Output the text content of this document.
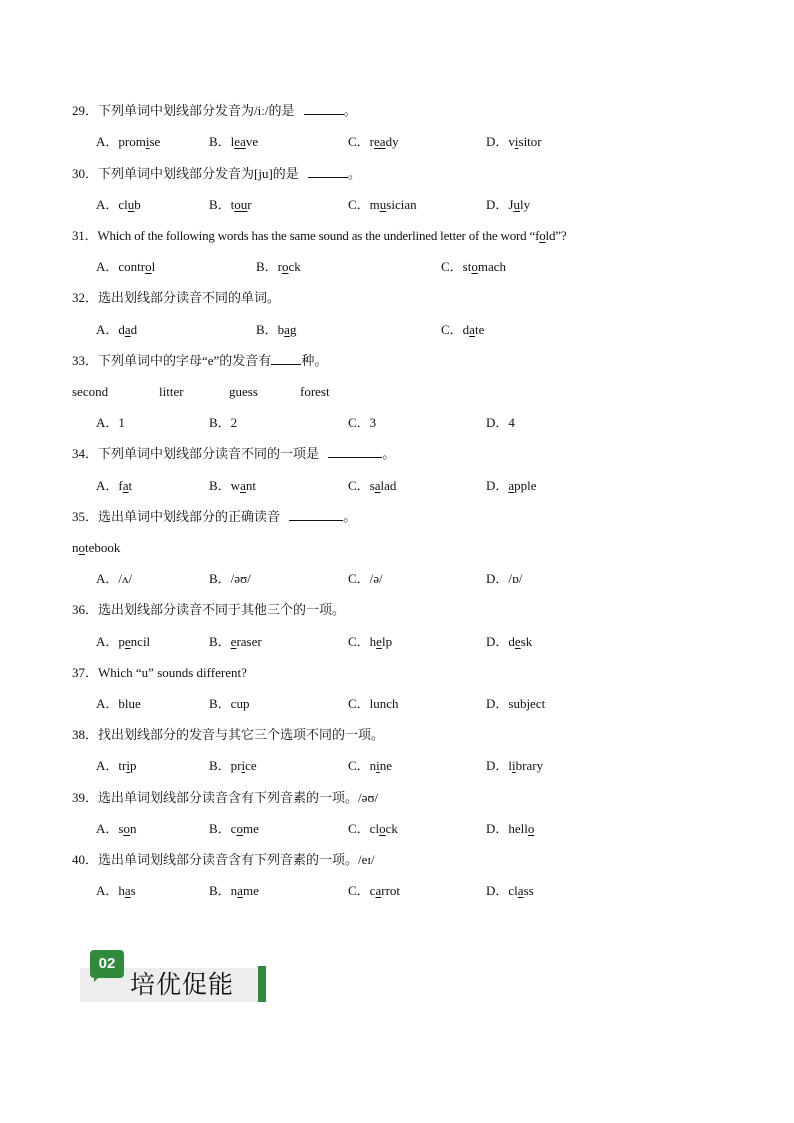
29．下列单词中划线部分发音为/iː/的是	。
A．promise	B．leave	C．ready	D．visitor
30．下列单词中划线部分发音为[ju]的是	。
A．club	B．tour	C．musician	D．July
31．Which of the following words has the same sound as the underlined letter of the word “fold”?
A．control	B．rock	C．stomach
32．选出划线部分读音不同的单词。
A．dad	B．bag	C．date
33．下列单词中的字母“e”的发音有 种。
second	litter	guess	forest
A．1	B．2	C．3	D．4
34．下列单词中划线部分读音不同的一项是	。
A．fat	B．want	C．salad	D．apple
35．选出单词中划线部分的正确读音	。
notebook
A．/ʌ/	B．/əʊ/	C．/ə/	D．/ɒ/
36．选出划线部分读音不同于其他三个的一项。
A．pencil	B．eraser	C．help	D．desk
37．Which “u” sounds different?
A．blue	B．cup	C．lunch	D．subject
38．找出划线部分的发音与其它三个选项不同的一项。
A．trip	B．price	C．nine	D．library
39．选出单词划线部分读音含有下列音素的一项。/əʊ/
A．son	B．come	C．clock	D．hello
40．选出单词划线部分读音含有下列音素的一项。/eɪ/
A．has	B．name	C．carrot	D．class
02
培优促能
